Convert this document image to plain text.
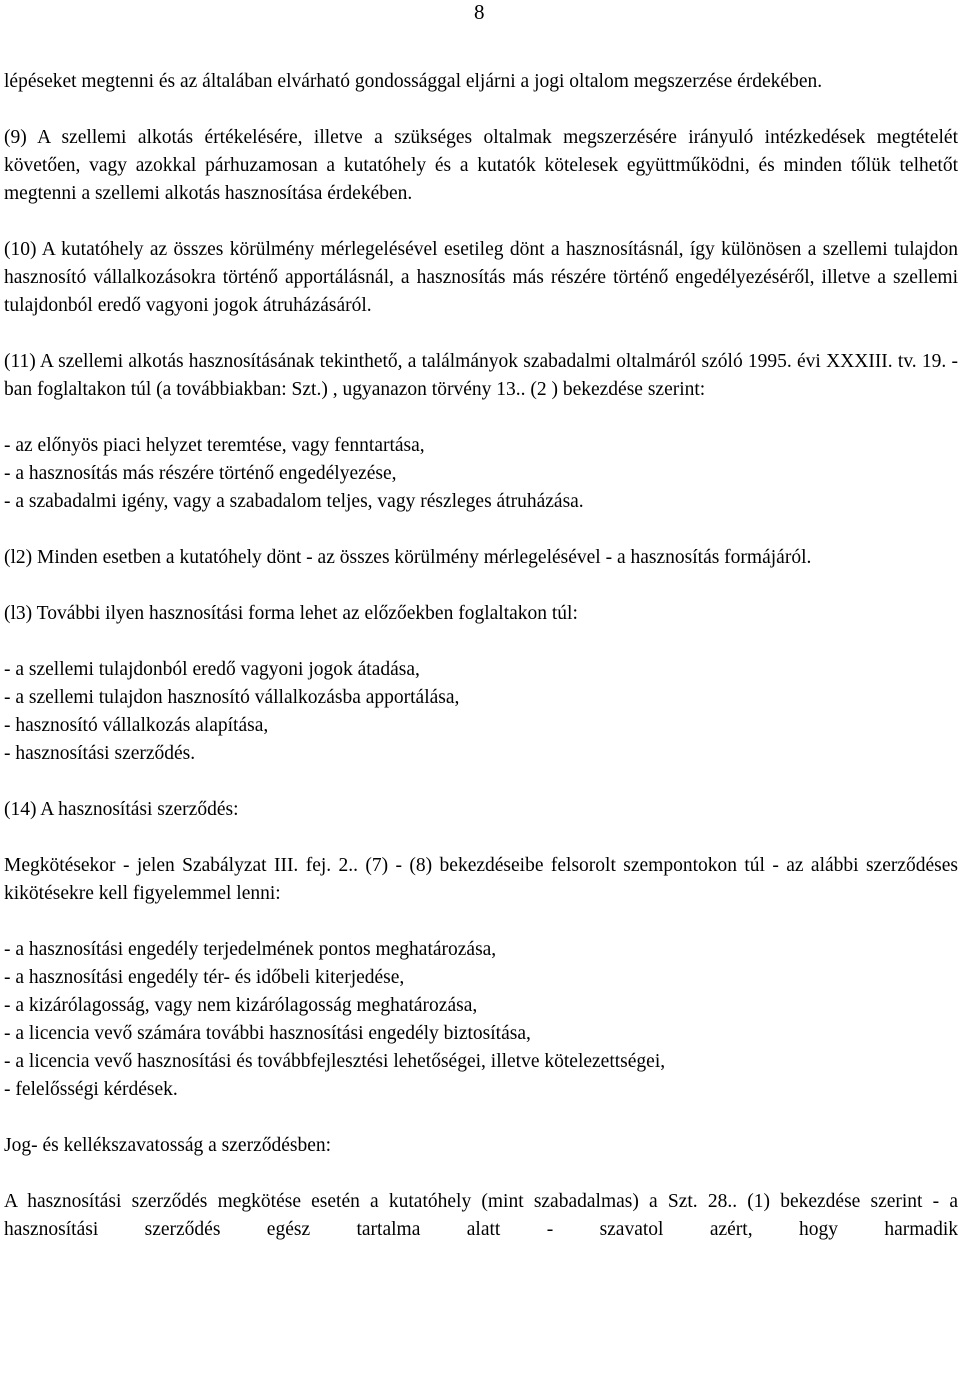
8

lépéseket megtenni és az általában elvárható gondossággal eljárni a jogi oltalom megszerzése érdekében.

(9) A szellemi alkotás értékelésére, illetve a szükséges oltalmak megszerzésére irányuló intézkedések megtételét követően, vagy azokkal párhuzamosan a kutatóhely és a kutatók kötelesek együttműködni, és minden tőlük telhetőt megtenni a szellemi alkotás hasznosítása érdekében.

(10) A kutatóhely az összes körülmény mérlegelésével esetileg dönt a hasznosításnál, így különösen a szellemi tulajdon hasznosító vállalkozásokra történő apportálásnál, a hasznosítás más részére történő engedélyezéséről, illetve a szellemi tulajdonból eredő vagyoni jogok átruházásáról.

(11) A szellemi alkotás hasznosításának tekinthető, a találmányok szabadalmi oltalmáról szóló 1995. évi XXXIII. tv. 19. -ban foglaltakon túl (a továbbiakban: Szt.) , ugyanazon törvény 13.. (2 ) bekezdése szerint:

- az előnyös piaci helyzet teremtése, vagy fenntartása,
- a hasznosítás más részére történő engedélyezése,
- a szabadalmi igény, vagy a szabadalom teljes, vagy részleges átruházása.

(l2) Minden esetben a kutatóhely dönt - az összes körülmény mérlegelésével - a hasznosítás formájáról.

(l3) További ilyen hasznosítási forma lehet az előzőekben foglaltakon túl:

- a szellemi tulajdonból eredő vagyoni jogok átadása,
- a szellemi tulajdon hasznosító vállalkozásba apportálása,
- hasznosító vállalkozás alapítása,
- hasznosítási szerződés.

(14) A hasznosítási szerződés:

Megkötésekor - jelen Szabályzat III. fej. 2.. (7) - (8) bekezdéseibe felsorolt szempontokon túl - az alábbi szerződéses kikötésekre kell figyelemmel lenni:

- a hasznosítási engedély terjedelmének pontos meghatározása,
- a hasznosítási engedély tér- és időbeli kiterjedése,
- a kizárólagosság, vagy nem kizárólagosság meghatározása,
- a licencia vevő számára további hasznosítási engedély biztosítása,
- a licencia vevő hasznosítási és továbbfejlesztési lehetőségei, illetve kötelezettségei,
- felelősségi kérdések.

Jog- és kellékszavatosság a szerződésben:

A hasznosítási szerződés megkötése esetén a kutatóhely (mint szabadalmas) a Szt. 28.. (1) bekezdése szerint - a hasznosítási szerződés egész tartalma alatt - szavatol azért, hogy harmadik
